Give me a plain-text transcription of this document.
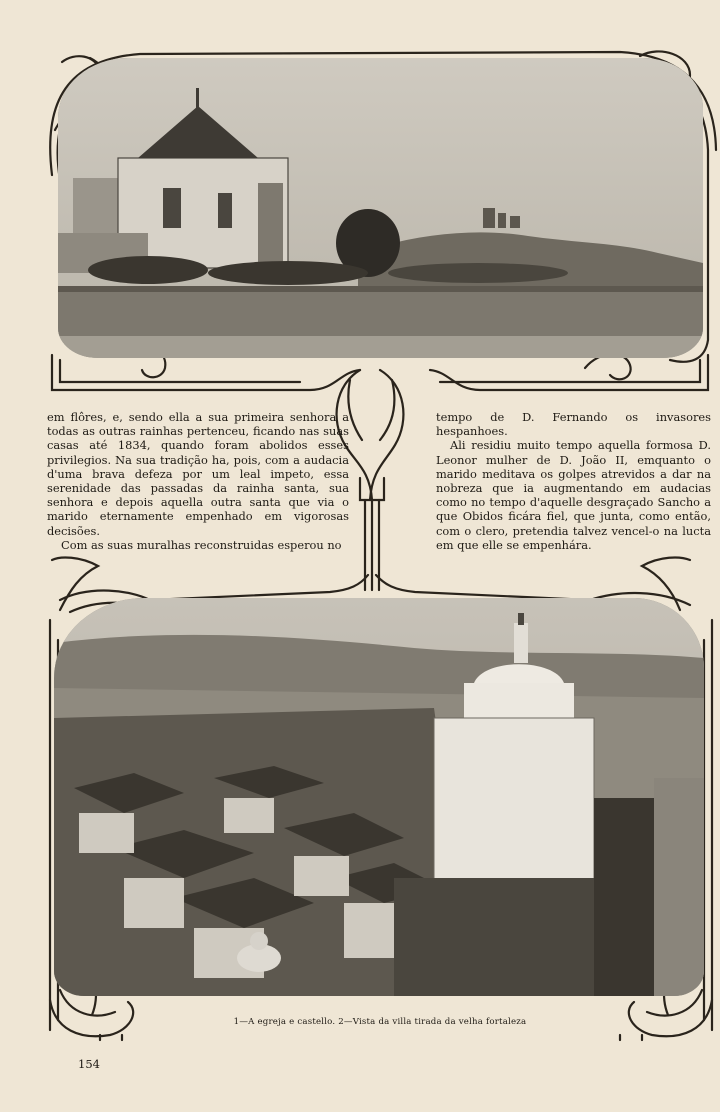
em flôres, e, sendo ella a sua primeira senhora a todas as outras rainhas pertenceu, ficando nas suas casas até 1834, quando foram abolidos esses privilegios. Na sua tradição ha, pois, com a audacia d'uma brava defeza por um leal impeto, essa serenidade das passadas da rainha santa, sua senhora e depois aquella outra santa que via o marido eternamente empenhado em vigorosas decisões.

Com as suas muralhas reconstruidas esperou no

tempo de D. Fernando os invasores hespanhoes.

Ali residiu muito tempo aquella formosa D. Leonor mulher de D. João II, emquanto o marido meditava os golpes atrevidos a dar na nobreza que ia augmentando em audacias como no tempo d'aquelle desgraçado Sancho a que Obidos ficára fiel, que junta, como então, com o clero, pretendia talvez vencel-o na lucta em que elle se empenhára.

1—A egreja e castello. 2—Vista da villa tirada da velha fortaleza
154
